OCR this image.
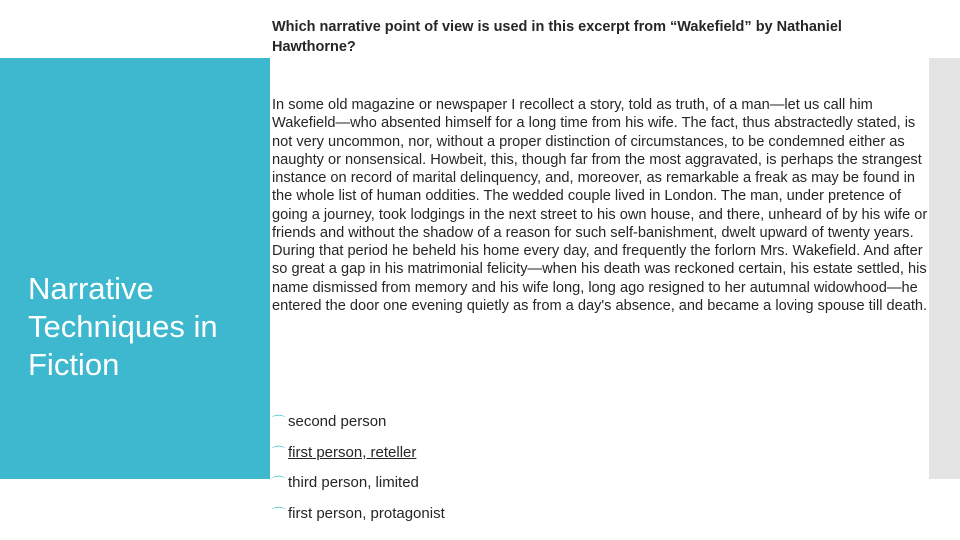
Narrative Techniques in Fiction

Which narrative point of view is used in this excerpt from “Wakefield” by Nathaniel Hawthorne?

In some old magazine or newspaper I recollect a story, told as truth, of a man—let us call him Wakefield—who absented himself for a long time from his wife. The fact, thus abstractedly stated, is not very uncommon, nor, without a proper distinction of circumstances, to be condemned either as naughty or nonsensical. Howbeit, this, though far from the most aggravated, is perhaps the strangest instance on record of marital delinquency, and, moreover, as remarkable a freak as may be found in the whole list of human oddities. The wedded couple lived in London. The man, under pretence of going a journey, took lodgings in the next street to his own house, and there, unheard of by his wife or friends and without the shadow of a reason for such self-banishment, dwelt upward of twenty years. During that period he beheld his home every day, and frequently the forlorn Mrs. Wakefield. And after so great a gap in his matrimonial felicity—when his death was reckoned certain, his estate settled, his name dismissed from memory and his wife long, long ago resigned to her autumnal widowhood—he entered the door one evening quietly as from a day's absence, and became a loving spouse till death.

⌒ second person
⌒ first person, reteller
⌒ third person, limited
⌒ first person, protagonist
